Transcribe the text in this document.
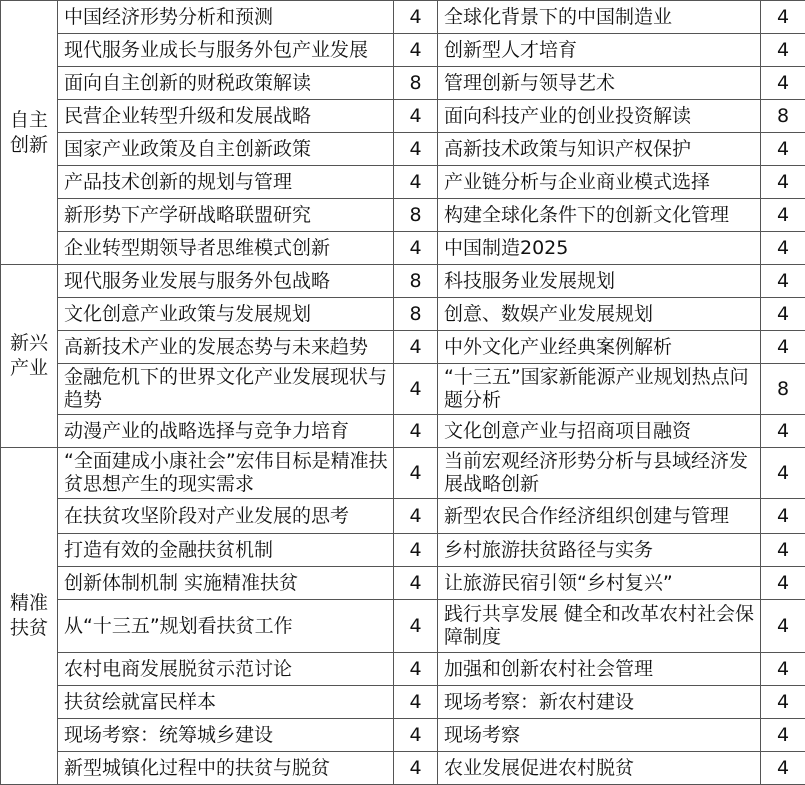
自主创新	中国经济形势分析和预测	4	全球化背景下的中国制造业	4
	现代服务业成长与服务外包产业发展	4	创新型人才培育	4
	面向自主创新的财税政策解读	8	管理创新与领导艺术	4
	民营企业转型升级和发展战略	4	面向科技产业的创业投资解读	8
	国家产业政策及自主创新政策	4	高新技术政策与知识产权保护	4
	产品技术创新的规划与管理	4	产业链分析与企业商业模式选择	4
	新形势下产学研战略联盟研究	8	构建全球化条件下的创新文化管理	4
	企业转型期领导者思维模式创新	4	中国制造2025	4
新兴产业	现代服务业发展与服务外包战略	8	科技服务业发展规划	4
	文化创意产业政策与发展规划	8	创意、数娱产业发展规划	4
	高新技术产业的发展态势与未来趋势	4	中外文化产业经典案例解析	4
	金融危机下的世界文化产业发展现状与趋势	4	“十三五”国家新能源产业规划热点问题分析	8
	动漫产业的战略选择与竞争力培育	4	文化创意产业与招商项目融资	4
精准扶贫	“全面建成小康社会”宏伟目标是精准扶贫思想产生的现实需求	4	当前宏观经济形势分析与县域经济发展战略创新	4
	在扶贫攻坚阶段对产业发展的思考	4	新型农民合作经济组织创建与管理	4
	打造有效的金融扶贫机制	4	乡村旅游扶贫路径与实务	4
	创新体制机制 实施精准扶贫	4	让旅游民宿引领“乡村复兴”	4
	从“十三五”规划看扶贫工作	4	践行共享发展 健全和改革农村社会保障制度	4
	农村电商发展脱贫示范讨论	4	加强和创新农村社会管理	4
	扶贫绘就富民样本	4	现场考察：新农村建设	4
	现场考察：统筹城乡建设	4	现场考察	4
	新型城镇化过程中的扶贫与脱贫	4	农业发展促进农村脱贫	4
